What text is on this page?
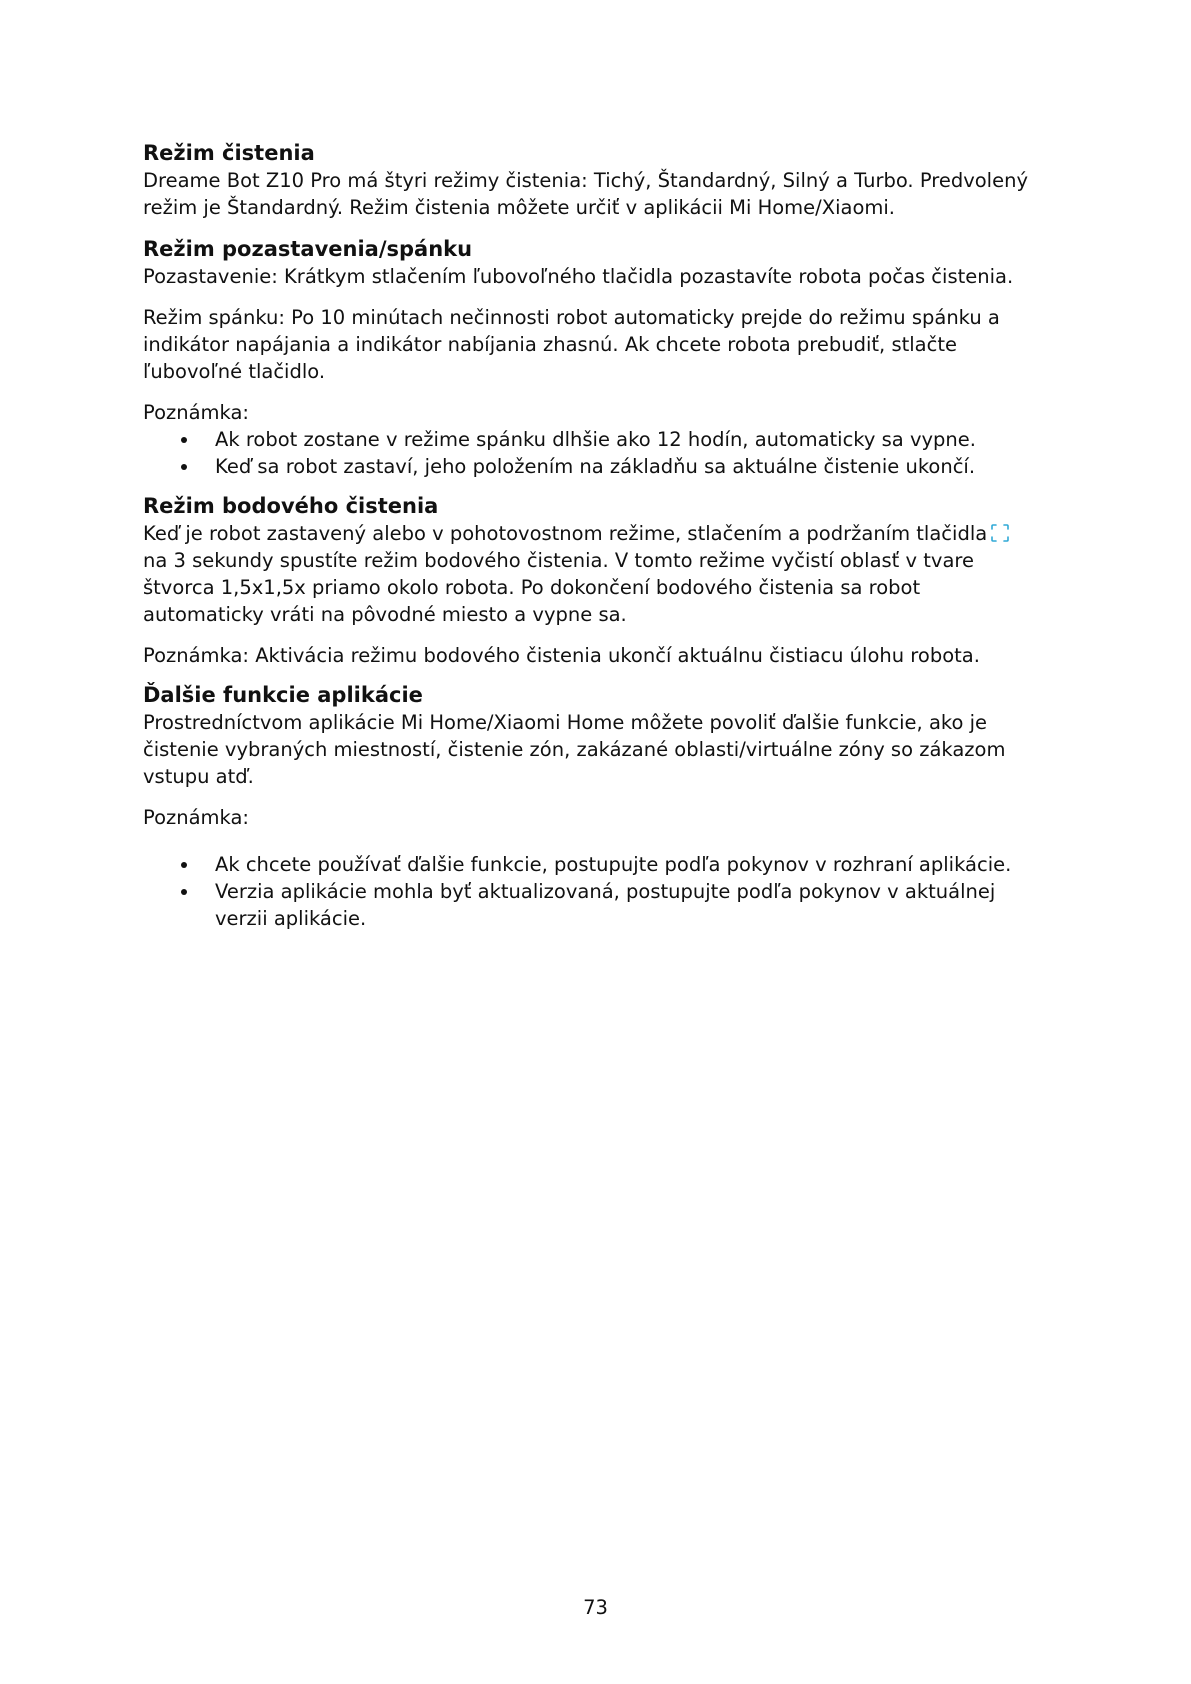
Režim čistenia

Dreame Bot Z10 Pro má štyri režimy čistenia: Tichý, Štandardný, Silný a Turbo. Predvolený
režim je Štandardný. Režim čistenia môžete určiť v aplikácii Mi Home/Xiaomi.

Režim pozastavenia/spánku

Pozastavenie: Krátkym stlačením ľubovoľného tlačidla pozastavíte robota počas čistenia.

Režim spánku: Po 10 minútach nečinnosti robot automaticky prejde do režimu spánku a
indikátor napájania a indikátor nabíjania zhasnú. Ak chcete robota prebudiť, stlačte
ľubovoľné tlačidlo.

Poznámka:

Ak robot zostane v režime spánku dlhšie ako 12 hodín, automaticky sa vypne.
Keď sa robot zastaví, jeho položením na základňu sa aktuálne čistenie ukončí.
Režim bodového čistenia

Keď je robot zastavený alebo v pohotovostnom režime, stlačením a podržaním tlačidla
na 3 sekundy spustíte režim bodového čistenia. V tomto režime vyčistí oblasť v tvare
štvorca 1,5x1,5x priamo okolo robota. Po dokončení bodového čistenia sa robot
automaticky vráti na pôvodné miesto a vypne sa.

Poznámka: Aktivácia režimu bodového čistenia ukončí aktuálnu čistiacu úlohu robota.

Ďalšie funkcie aplikácie

Prostredníctvom aplikácie Mi Home/Xiaomi Home môžete povoliť ďalšie funkcie, ako je
čistenie vybraných miestností, čistenie zón, zakázané oblasti/virtuálne zóny so zákazom
vstupu atď.

Poznámka:

Ak chcete používať ďalšie funkcie, postupujte podľa pokynov v rozhraní aplikácie.
Verzia aplikácie mohla byť aktualizovaná, postupujte podľa pokynov v aktuálnej
verzii aplikácie.
73
